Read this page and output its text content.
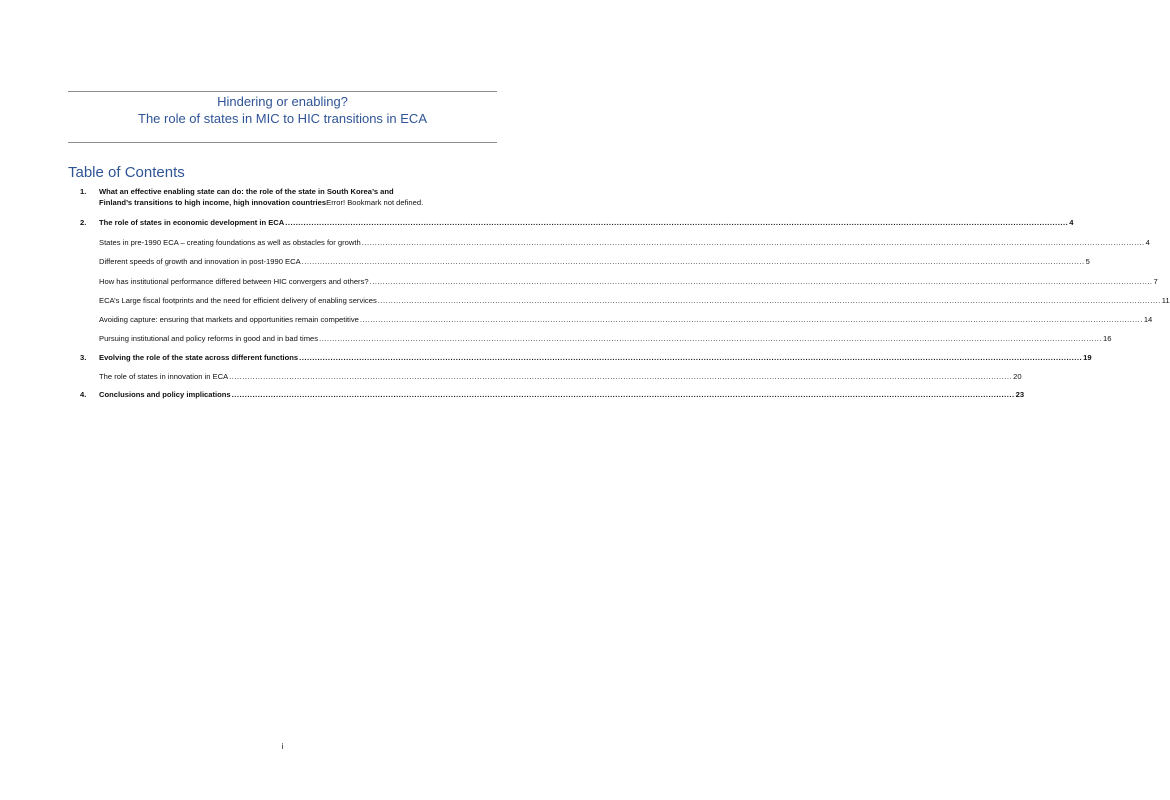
Hindering or enabling?
The role of states in MIC to HIC transitions in ECA
Table of Contents
1. What an effective enabling state can do: the role of the state in South Korea’s and
Finland’s transitions to high income, high innovation countriesError! Bookmark not defined.
2. The role of states in economic development in ECA ............................................................................................................................................................................................................................................................................................................ 4
States in pre-1990 ECA – creating foundations as well as obstacles for growth ............................................................................................................................................................................................................................................................................................................ 4
Different speeds of growth and innovation in post-1990 ECA ............................................................................................................................................................................................................................................................................................................ 5
How has institutional performance differed between HIC convergers and others? ............................................................................................................................................................................................................................................................................................................ 7
ECA’s Large fiscal footprints and the need for efficient delivery of enabling services ............................................................................................................................................................................................................................................................................................................ 11
Avoiding capture: ensuring that markets and opportunities remain competitive ............................................................................................................................................................................................................................................................................................................ 14
Pursuing institutional and policy reforms in good and in bad times ............................................................................................................................................................................................................................................................................................................ 16
3. Evolving the role of the state across different functions ............................................................................................................................................................................................................................................................................................................ 19
The role of states in innovation in ECA ............................................................................................................................................................................................................................................................................................................ 20
4. Conclusions and policy implications ............................................................................................................................................................................................................................................................................................................ 23
i
